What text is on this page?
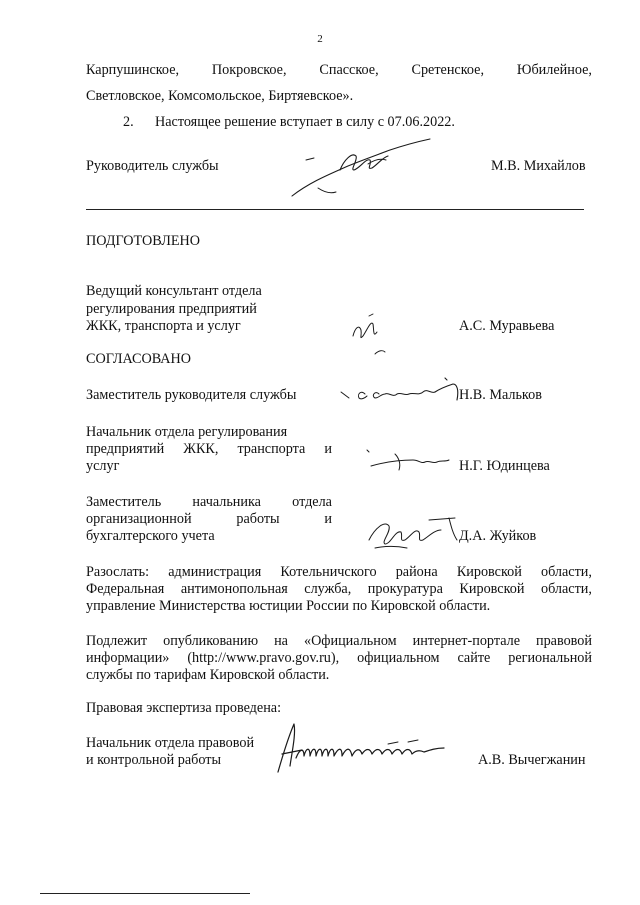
2
Карпушинское, Покровское, Спасское, Сретенское, Юбилейное,
Светловское, Комсомольское, Биртяевское».
2. Настоящее решение вступает в силу с 07.06.2022.
Руководитель службы	М.В. Михайлов
ПОДГОТОВЛЕНО
Ведущий консультант отдела
регулирования предприятий
ЖКК, транспорта и услуг	А.С. Муравьева
СОГЛАСОВАНО
Заместитель руководителя службы	Н.В. Мальков
Начальник отдела регулирования
предприятий ЖКК, транспорта и
услуг	Н.Г. Юдинцева
Заместитель начальника отдела
организационной	работы	и
бухгалтерского учета	Д.А. Жуйков
Разослать: администрация Котельничского района Кировской области,
Федеральная антимонопольная служба, прокуратура Кировской области,
управление Министерства юстиции России по Кировской области.
Подлежит опубликованию на «Официальном интернет-портале правовой
информации» (http://www.pravo.gov.ru), официальном сайте региональной
службы по тарифам Кировской области.
Правовая экспертиза проведена:
Начальник отдела правовой
и контрольной работы	А.В. Вычегжанин
